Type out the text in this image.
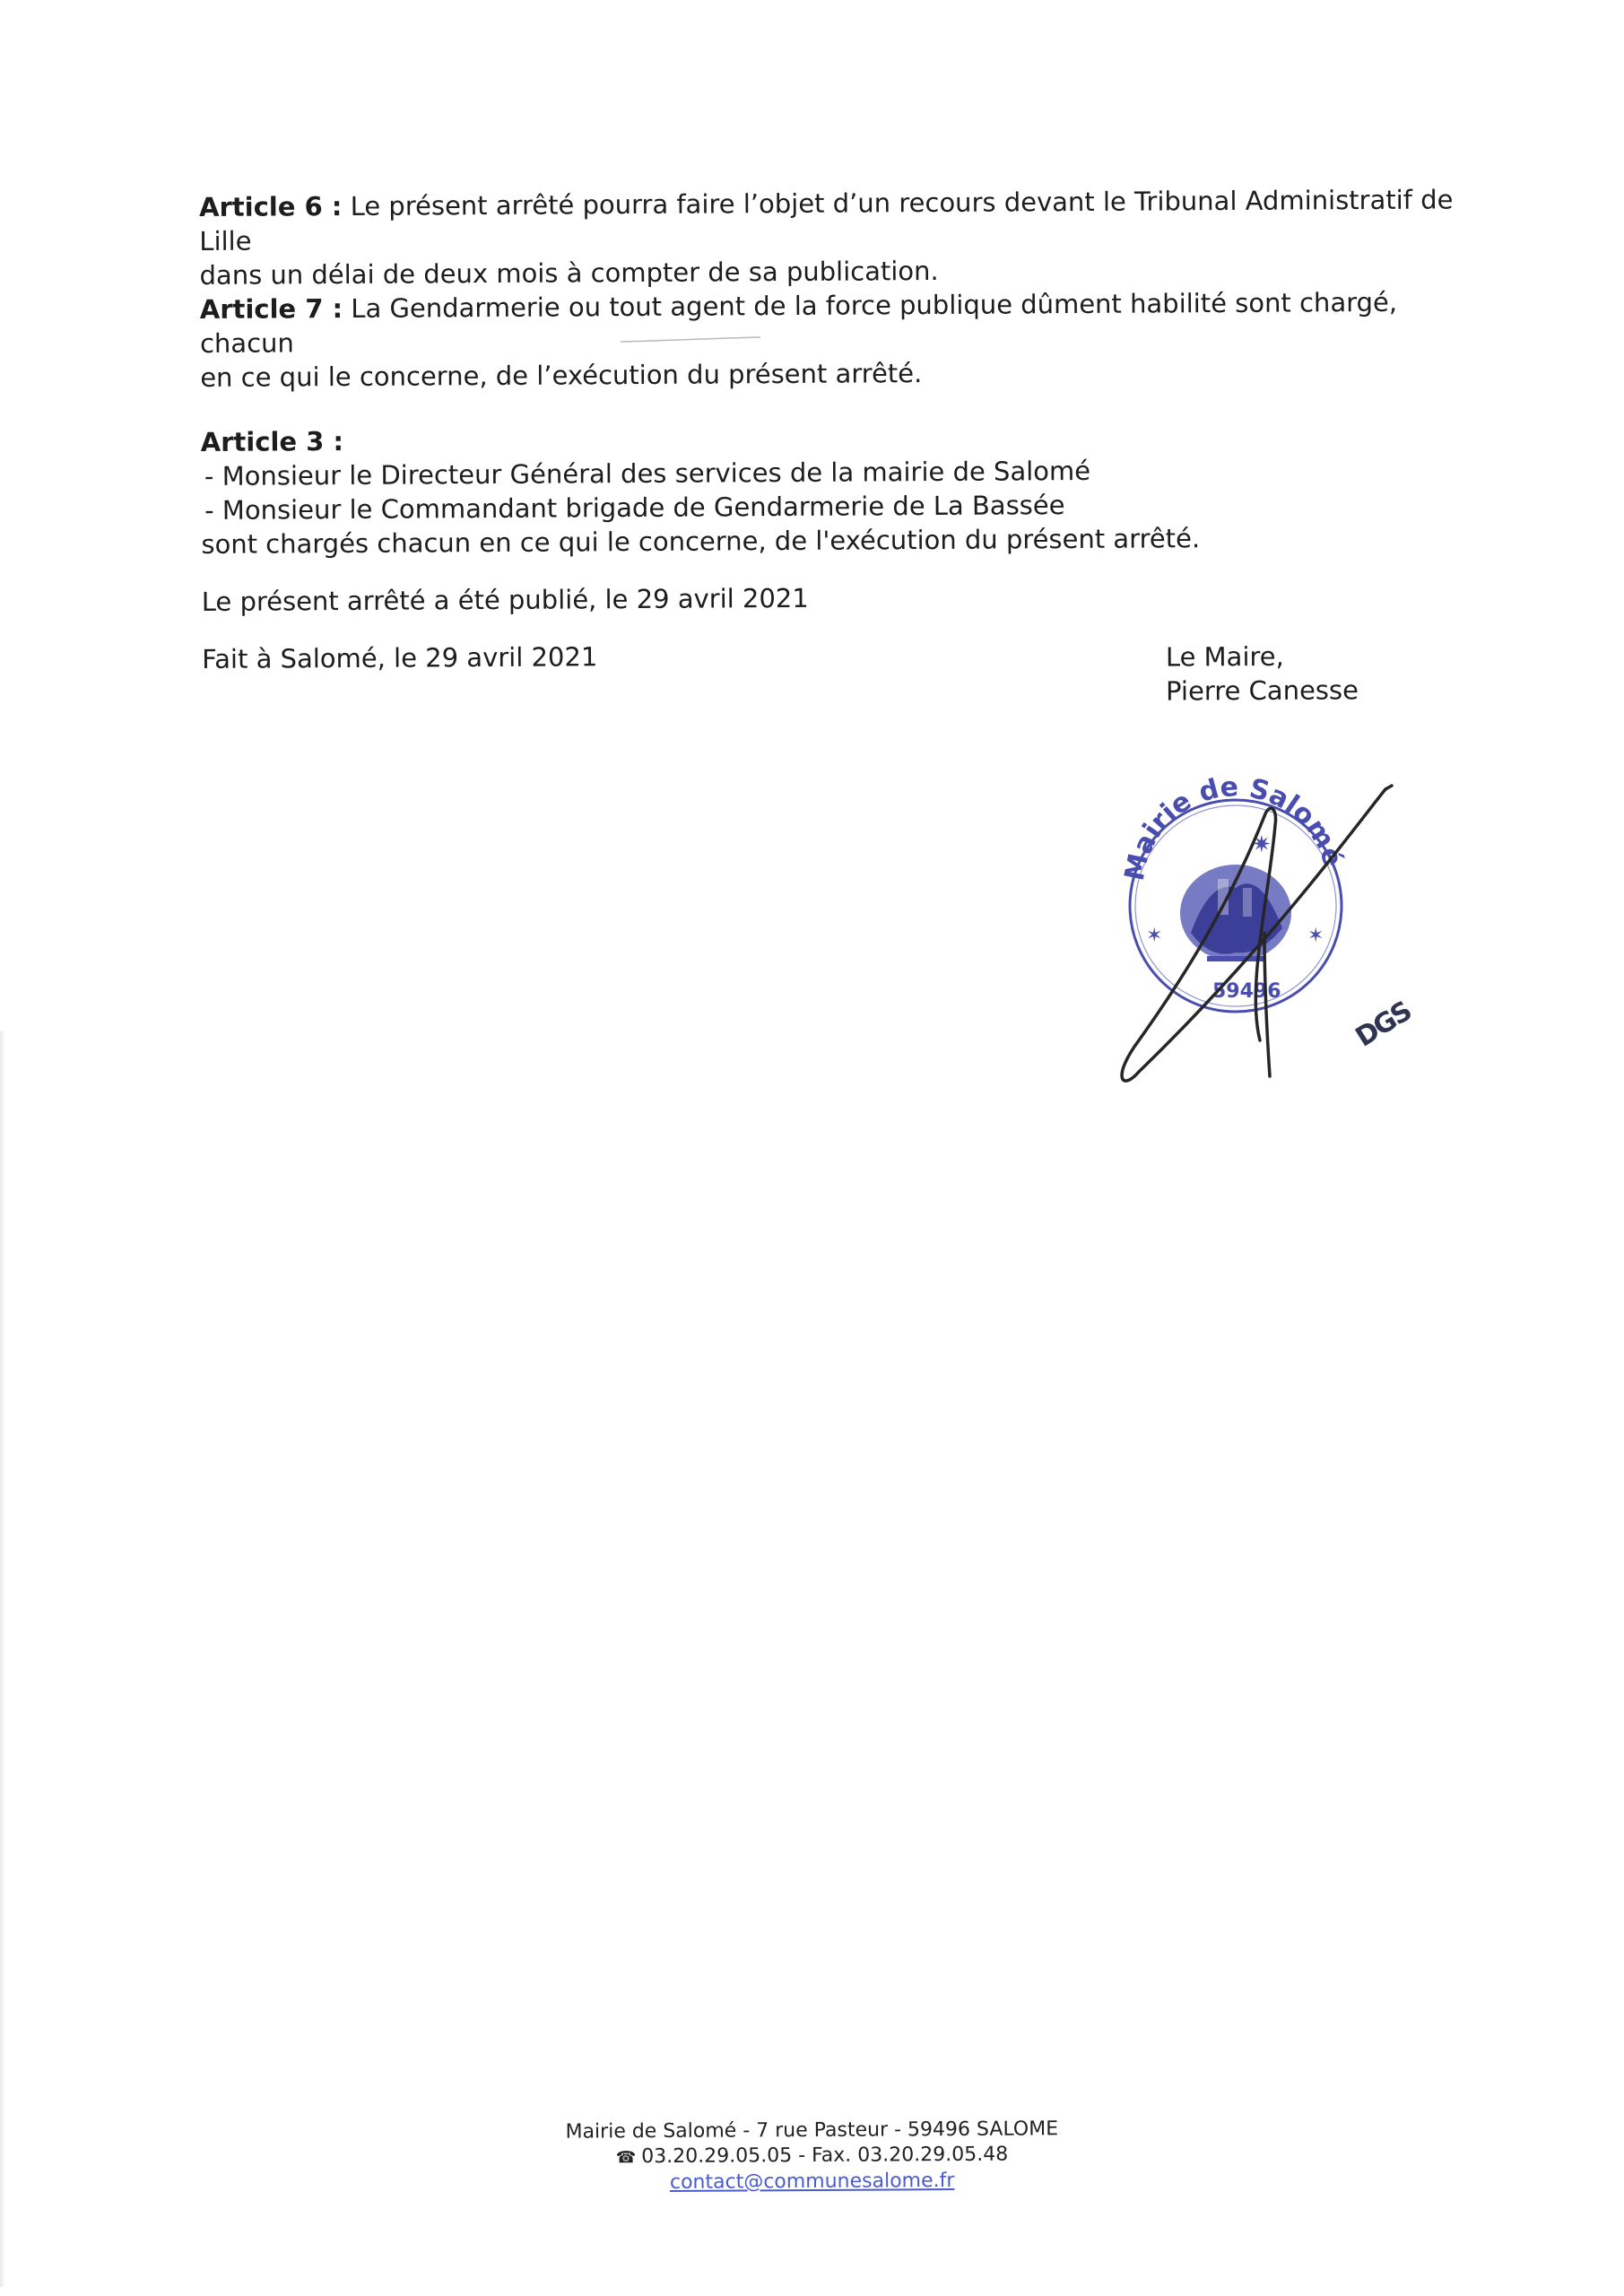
Article 6 : Le présent arrêté pourra faire l’objet d’un recours devant le Tribunal Administratif de Lille
dans un délai de deux mois à compter de sa publication.

Article 7 : La Gendarmerie ou tout agent de la force publique dûment habilité sont chargé, chacun
en ce qui le concerne, de l’exécution du présent arrêté.

Article 3 :
- Monsieur le Directeur Général des services de la mairie de Salomé
- Monsieur le Commandant brigade de Gendarmerie de La Bassée
sont chargés chacun en ce qui le concerne, de l'exécution du présent arrêté.

Le présent arrêté a été publié, le 29 avril 2021

Fait à Salomé, le 29 avril 2021	Le Maire,
Pierre Canesse
Mairie de Salomé
✶	✶
✷
59496
DGS
Mairie de Salomé - 7 rue Pasteur - 59496 SALOME
☎ 03.20.29.05.05 - Fax. 03.20.29.05.48
contact@communesalome.fr
